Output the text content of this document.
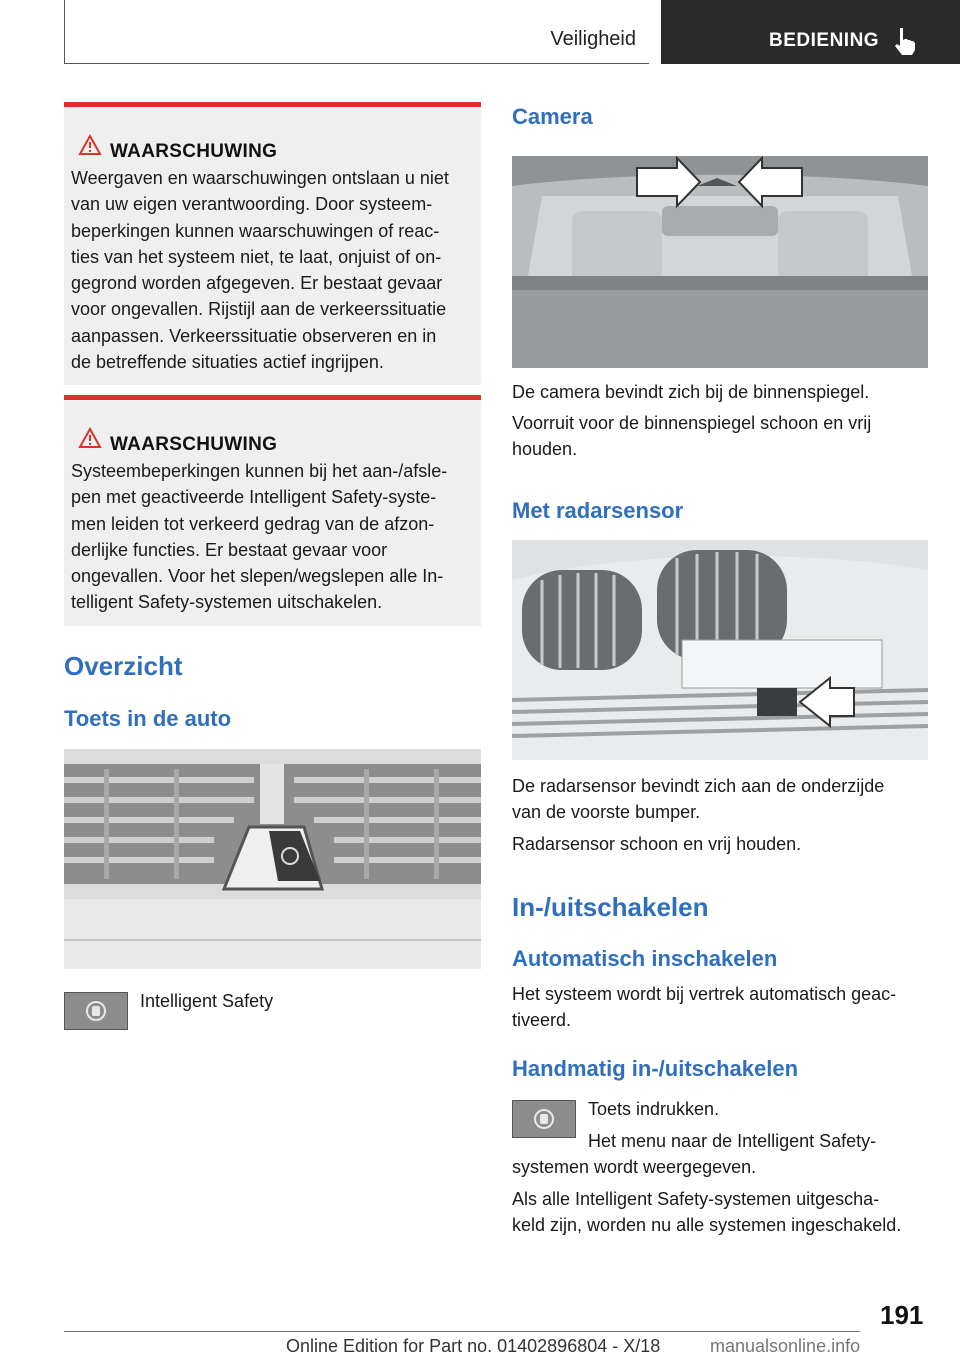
Veiligheid	BEDIENING
WAARSCHUWING
Weergaven en waarschuwingen ontslaan u niet
van uw eigen verantwoording. Door systeem-
beperkingen kunnen waarschuwingen of reac-
ties van het systeem niet, te laat, onjuist of on-
gegrond worden afgegeven. Er bestaat gevaar
voor ongevallen. Rijstijl aan de verkeerssituatie
aanpassen. Verkeerssituatie observeren en in
de betreffende situaties actief ingrijpen.
WAARSCHUWING
Systeembeperkingen kunnen bij het aan-/afsle-
pen met geactiveerde Intelligent Safety-syste-
men leiden tot verkeerd gedrag van de afzon-
derlijke functies. Er bestaat gevaar voor
ongevallen. Voor het slepen/wegslepen alle In-
telligent Safety-systemen uitschakelen.
Overzicht
Toets in de auto
Intelligent Safety
Camera
De camera bevindt zich bij de binnenspiegel.
Voorruit voor de binnenspiegel schoon en vrij
houden.
Met radarsensor
De radarsensor bevindt zich aan de onderzijde
van de voorste bumper.
Radarsensor schoon en vrij houden.
In-/uitschakelen
Automatisch inschakelen
Het systeem wordt bij vertrek automatisch geac-
tiveerd.
Handmatig in-/uitschakelen
Toets indrukken.
Het menu naar de Intelligent Safety-
systemen wordt weergegeven.
Als alle Intelligent Safety-systemen uitgescha-
keld zijn, worden nu alle systemen ingeschakeld.
191
Online Edition for Part no. 01402896804 - X/18	manualsonline.info
